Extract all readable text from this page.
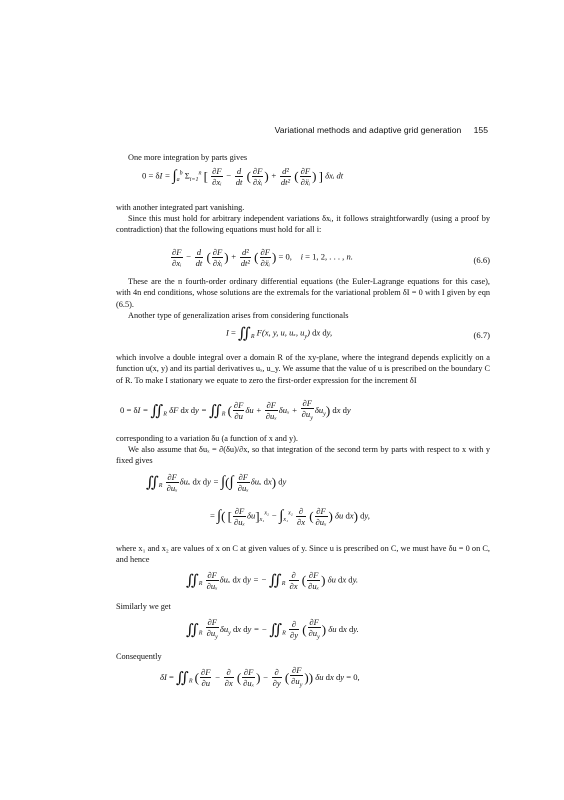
Variational methods and adaptive grid generation 155
One more integration by parts gives
$0 = \delta I = \int_a^b$ $\Sigma_{i=1}^n$ [ $\frac{\partial F}{\text{∂xᵢ}} - \frac{d}{dt}$ ( $\frac{\partial F}{\text{∂ẋᵢ}}$ ) + $\frac{\text{d²}}{\text{dt²}}$ ( $\frac{\partial F}{\text{∂ẍᵢ}}$ ) ] δxᵢ dt
with another integrated part vanishing.
Since this must hold for arbitrary independent variations δxᵢ, it follows straightforwardly (using a proof by contradiction) that the following equations must hold for all i:
$\frac{\partial F}{\text{∂xᵢ}} - \frac{d}{dt}$ ( $\frac{\partial F}{\text{∂ẋᵢ}}$ ) + $\frac{\text{d²}}{\text{dt²}}$ ( $\frac{\partial F}{\text{∂ẍᵢ}}$ ) = 0,    i = 1, 2, . . . , n.	(6.6)
These are the n fourth-order ordinary differential equations (the Euler-Lagrange equations for this case), with 4n end conditions, whose solutions are the extremals for the variational problem δI = 0 with I given by eqn (6.5).
Another type of generalization arises from considering functionals
$I = ∬_R$ F(x, y, u, uₓ, $u_y$) dx dy,	(6.7)
which involve a double integral over a domain R of the xy-plane, where the integrand depends explicitly on a function u(x, y) and its partial derivatives uₓ, u_y. We assume that the value of u is prescribed on the boundary C of R. To make I stationary we equate to zero the first-order expression for the increment δI
$0 = \delta I = ∬_R$ δF dx dy = $∬_R$ ( $\frac{\partial F}{\partial u}$ $\delta u + \frac{\partial F}{\text{∂uₓ}}$ $\delta u_x + \frac{\partial F}{\partial u_y} \delta u_y$) dx dy
corresponding to a variation δu (a function of x and y).
We also assume that δuₓ = ∂(δu)/∂x, so that integration of the second term by parts with respect to x with y fixed gives
$∬_R \frac{\partial F}{\text{∂uₓ}}$ δuₓ dx dy = ∫(∫ $\frac{\partial F}{\text{∂uₓ}}$ δuₓ dx) dy
= ∫( [ $\frac{\partial F}{\text{∂uₓ}} \delta u]_{x_1}^{x_2} - \int_{x_1}^{x_2} \frac{\partial}{\partial x}$ ( $\frac{\partial F}{\text{∂uₓ}}$ ) δu dx) dy,
where x₁ and x₂ are values of x on C at given values of y. Since u is prescribed on C, we must have δu = 0 on C, and hence
$∬_R \frac{\partial F}{\text{∂uₓ}}$ δuₓ dx dy = − $∬_R \frac{\partial}{\partial x}$ ( $\frac{\partial F}{\text{∂uₓ}}$ ) δu dx dy.
Similarly we get
$∬_R \frac{\partial F}{\partial u_y} \delta u_y$ dx dy = − $∬_R \frac{\partial}{\partial y}$ ( $\frac{\partial F}{\partial u_y}$ ) δu dx dy.
Consequently
$\delta I = ∬_R$ ( $\frac{\partial F}{\partial u} - \frac{\partial}{\partial x}$ ( $\frac{\partial F}{\text{∂uₓ}}$ ) − $\frac{\partial}{\partial y}$ ( $\frac{\partial F}{\partial u_y}$ )) δu dx dy = 0,
